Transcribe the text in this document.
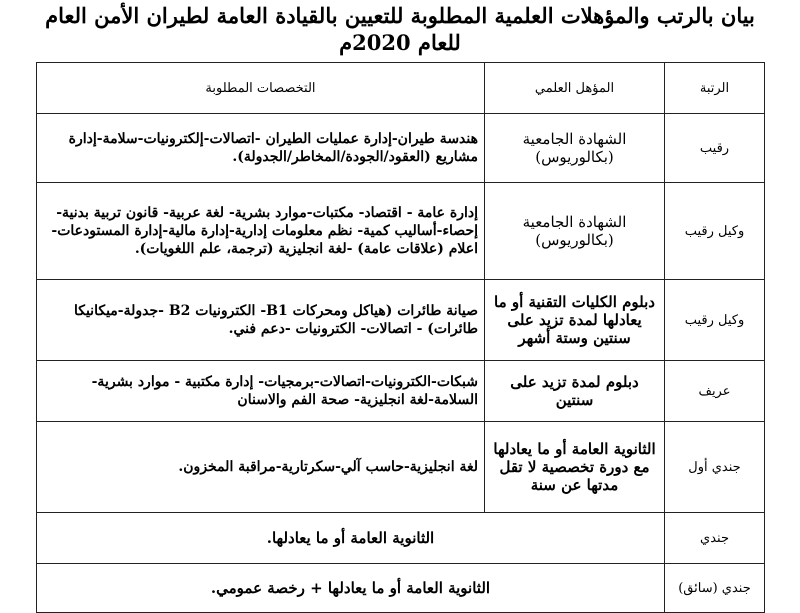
بيان بالرتب والمؤهلات العلمية المطلوبة للتعيين بالقيادة العامة لطيران الأمن العام
للعام 2020م
الرتبة	المؤهل العلمي	التخصصات المطلوبة
رقيب	الشهادة الجامعية (بكالوريوس)	هندسة طيران-إدارة عمليات الطيران -اتصالات-إلكترونيات-سلامة-إدارة مشاريع (العقود/الجودة/المخاطر/الجدولة).
وكيل رقيب	الشهادة الجامعية (بكالوريوس)	إدارة عامة - اقتصاد- مكتبات-موارد بشرية- لغة عربية- قانون تربية بدنية- إحصاء-أساليب كمية- نظم معلومات إدارية-إدارة مالية-إدارة المستودعات-اعلام (علاقات عامة) -لغة انجليزية (ترجمة، علم اللغويات).
وكيل رقيب	دبلوم الكليات التقنية أو ما يعادلها لمدة تزيد على سنتين وستة أشهر	صيانة طائرات (هياكل ومحركات B1- الكترونيات B2 -جدولة-ميكانيكا طائرات) - اتصالات- الكترونيات -دعم فني.
عريف	دبلوم لمدة تزيد على سنتين	شبكات-الكترونيات-اتصالات-برمجيات- إدارة مكتبية - موارد بشرية-السلامة-لغة انجليزية- صحة الفم والاسنان
جندي أول	الثانوية العامة أو ما يعادلها مع دورة تخصصية لا تقل مدتها عن سنة	لغة انجليزية-حاسب آلي-سكرتارية-مراقبة المخزون.
جندي	الثانوية العامة أو ما يعادلها.	
جندي (سائق)	الثانوية العامة أو ما يعادلها + رخصة عمومي.	
